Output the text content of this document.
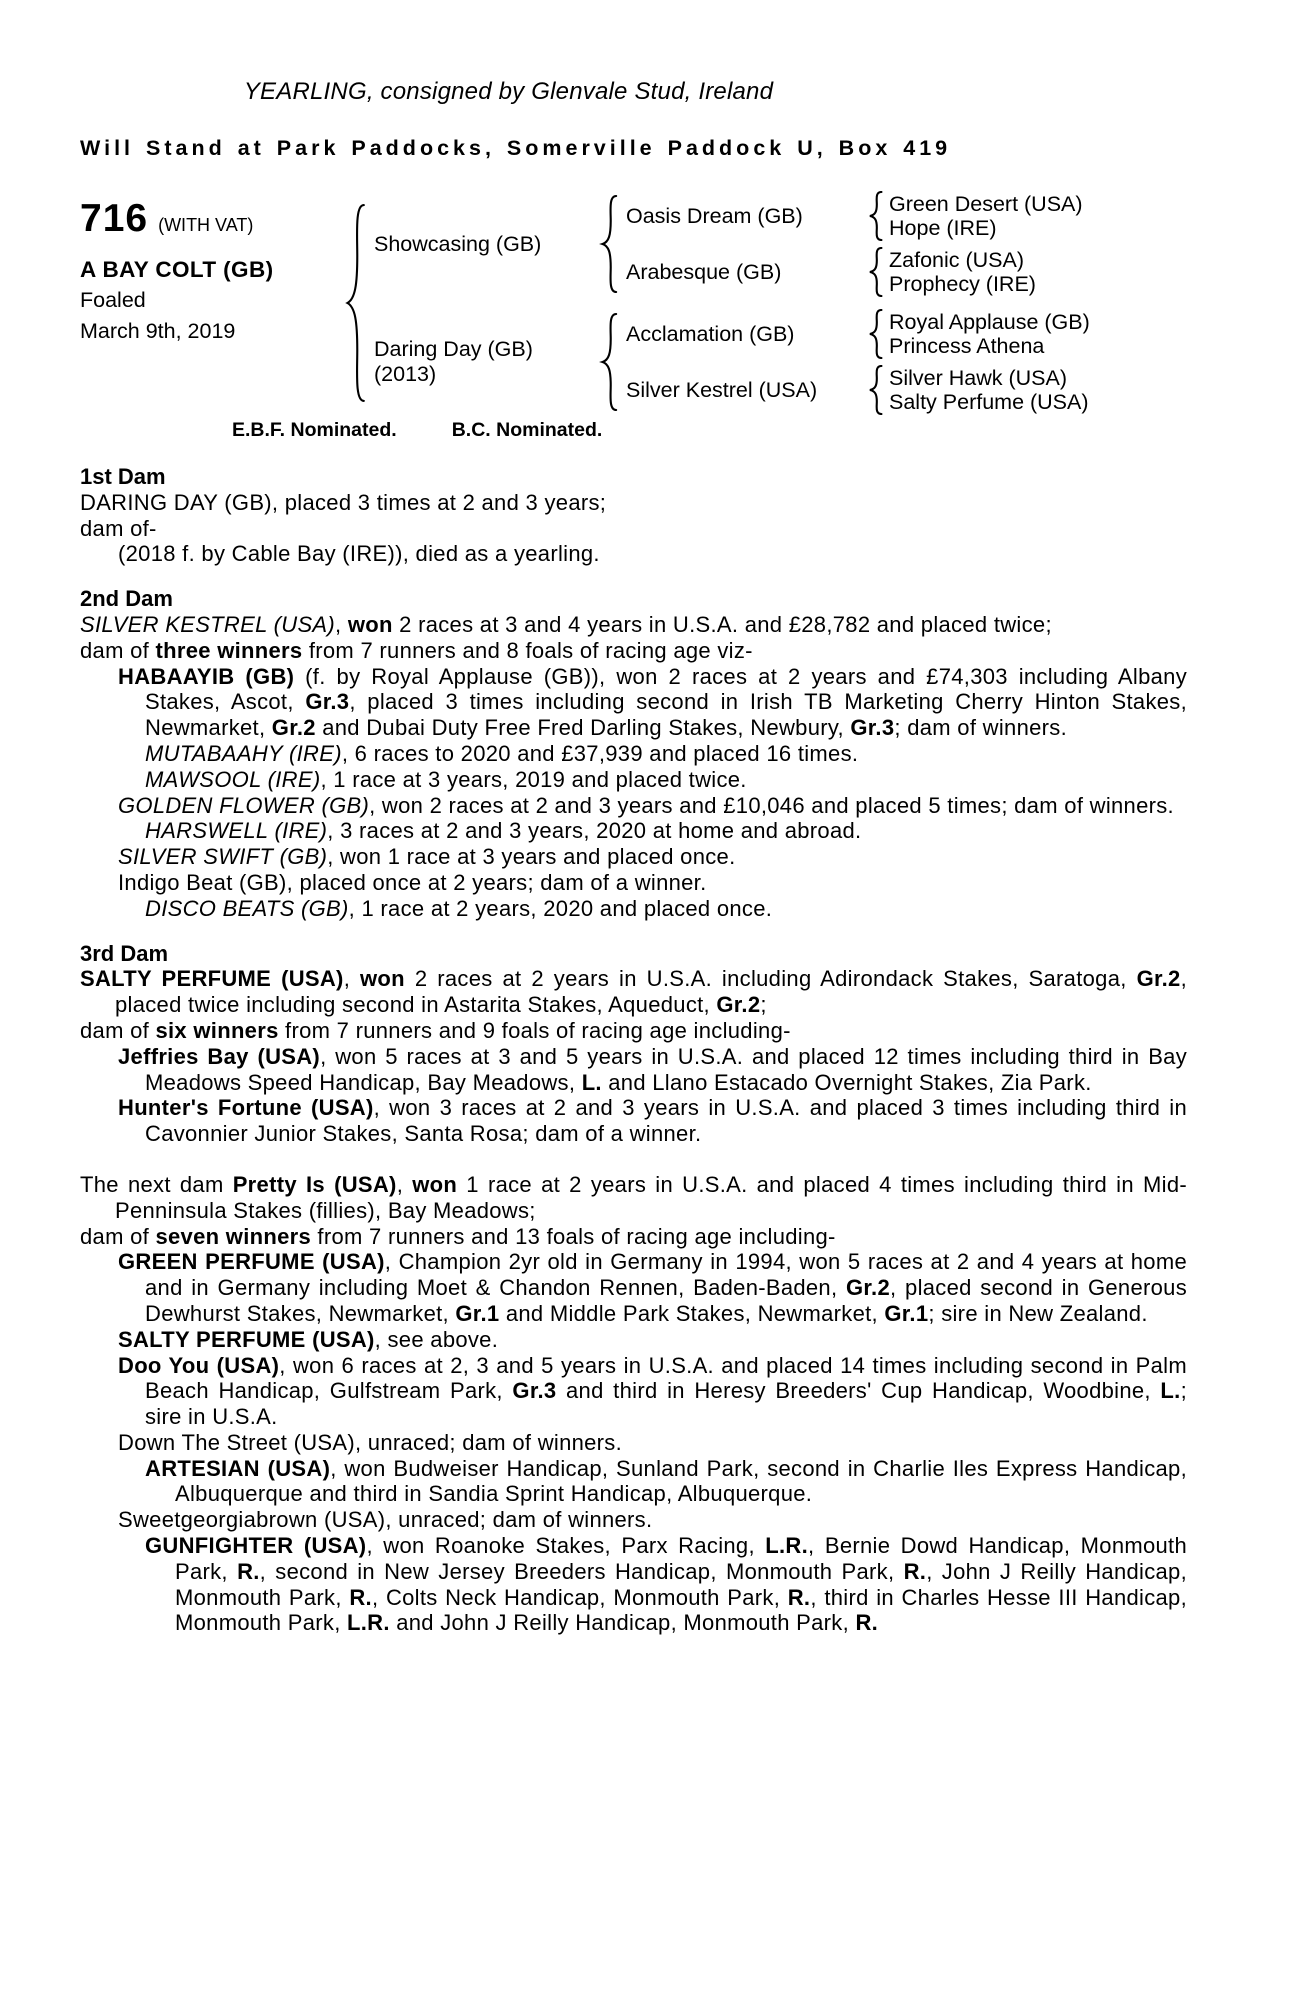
YEARLING, consigned by Glenvale Stud, Ireland
Will Stand at Park Paddocks, Somerville Paddock U, Box 419
716 (WITH VAT)
A BAY COLT (GB)
Foaled
March 9th, 2019
Showcasing (GB)
Oasis Dream (GB)	Green Desert (USA)
Hope (IRE)
Arabesque (GB)	Zafonic (USA)
Prophecy (IRE)
Daring Day (GB)
(2013)
Acclamation (GB)	Royal Applause (GB)
Princess Athena
Silver Kestrel (USA)	Silver Hawk (USA)
Salty Perfume (USA)
E.B.F. Nominated.	B.C. Nominated.
1st Dam

DARING DAY (GB), placed 3 times at 2 and 3 years;

dam of-

(2018 f. by Cable Bay (IRE)), died as a yearling.

2nd Dam

SILVER KESTREL (USA), won 2 races at 3 and 4 years in U.S.A. and £28,782 and placed twice;

dam of three winners from 7 runners and 8 foals of racing age viz-

HABAAYIB (GB) (f. by Royal Applause (GB)), won 2 races at 2 years and £74,303 including Albany Stakes, Ascot, Gr.3, placed 3 times including second in Irish TB Marketing Cherry Hinton Stakes, Newmarket, Gr.2 and Dubai Duty Free Fred Darling Stakes, Newbury, Gr.3; dam of winners.

MUTABAAHY (IRE), 6 races to 2020 and £37,939 and placed 16 times.

MAWSOOL (IRE), 1 race at 3 years, 2019 and placed twice.

GOLDEN FLOWER (GB), won 2 races at 2 and 3 years and £10,046 and placed 5 times; dam of winners.

HARSWELL (IRE), 3 races at 2 and 3 years, 2020 at home and abroad.

SILVER SWIFT (GB), won 1 race at 3 years and placed once.

Indigo Beat (GB), placed once at 2 years; dam of a winner.

DISCO BEATS (GB), 1 race at 2 years, 2020 and placed once.

3rd Dam

SALTY PERFUME (USA), won 2 races at 2 years in U.S.A. including Adirondack Stakes, Saratoga, Gr.2, placed twice including second in Astarita Stakes, Aqueduct, Gr.2;

dam of six winners from 7 runners and 9 foals of racing age including-

Jeffries Bay (USA), won 5 races at 3 and 5 years in U.S.A. and placed 12 times including third in Bay Meadows Speed Handicap, Bay Meadows, L. and Llano Estacado Overnight Stakes, Zia Park.

Hunter's Fortune (USA), won 3 races at 2 and 3 years in U.S.A. and placed 3 times including third in Cavonnier Junior Stakes, Santa Rosa; dam of a winner.

The next dam Pretty Is (USA), won 1 race at 2 years in U.S.A. and placed 4 times including third in Mid-Penninsula Stakes (fillies), Bay Meadows;

dam of seven winners from 7 runners and 13 foals of racing age including-

GREEN PERFUME (USA), Champion 2yr old in Germany in 1994, won 5 races at 2 and 4 years at home and in Germany including Moet & Chandon Rennen, Baden-Baden, Gr.2, placed second in Generous Dewhurst Stakes, Newmarket, Gr.1 and Middle Park Stakes, Newmarket, Gr.1; sire in New Zealand.

SALTY PERFUME (USA), see above.

Doo You (USA), won 6 races at 2, 3 and 5 years in U.S.A. and placed 14 times including second in Palm Beach Handicap, Gulfstream Park, Gr.3 and third in Heresy Breeders' Cup Handicap, Woodbine, L.; sire in U.S.A.

Down The Street (USA), unraced; dam of winners.

ARTESIAN (USA), won Budweiser Handicap, Sunland Park, second in Charlie Iles Express Handicap, Albuquerque and third in Sandia Sprint Handicap, Albuquerque.

Sweetgeorgiabrown (USA), unraced; dam of winners.

GUNFIGHTER (USA), won Roanoke Stakes, Parx Racing, L.R., Bernie Dowd Handicap, Monmouth Park, R., second in New Jersey Breeders Handicap, Monmouth Park, R., John J Reilly Handicap, Monmouth Park, R., Colts Neck Handicap, Monmouth Park, R., third in Charles Hesse III Handicap, Monmouth Park, L.R. and John J Reilly Handicap, Monmouth Park, R.
